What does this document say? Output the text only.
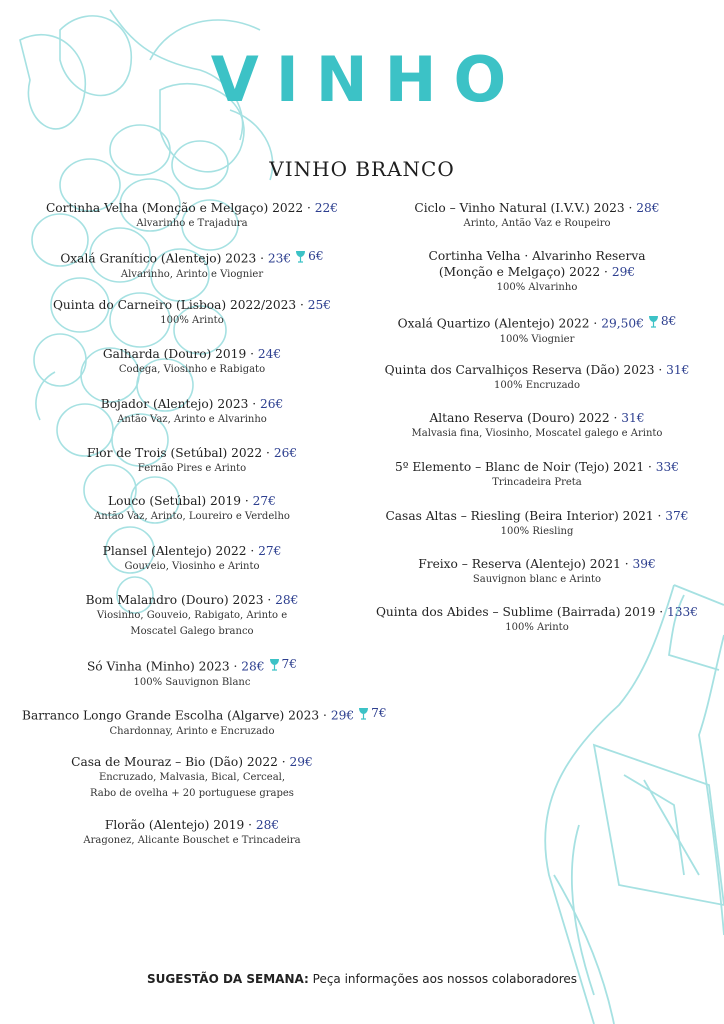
VINHO
VINHO BRANCO
Cortinha Velha (Monção e Melgaço) 2022 · 22€
Alvarinho e Trajadura
Oxalá Granítico (Alentejo) 2023 · 23€ 6€
Alvarinho, Arinto e Viognier
Quinta do Carneiro (Lisboa) 2022/2023 · 25€
100% Arinto
Galharda (Douro) 2019 · 24€
Codega, Viosinho e Rabigato
Bojador (Alentejo) 2023 · 26€
Antão Vaz, Arinto e Alvarinho
Flor de Trois (Setúbal) 2022 · 26€
Fernão Pires e Arinto
Louco (Setúbal) 2019 · 27€
Antão Vaz, Arinto, Loureiro e Verdelho
Plansel (Alentejo) 2022 · 27€
Gouveio, Viosinho e Arinto
Bom Malandro (Douro) 2023 · 28€
Viosinho, Gouveio, Rabigato, Arinto e
Moscatel Galego branco
Só Vinha (Minho) 2023 · 28€ 7€
100% Sauvignon Blanc
Barranco Longo Grande Escolha (Algarve) 2023 · 29€ 7€
Chardonnay, Arinto e Encruzado
Casa de Mouraz – Bio (Dão) 2022 · 29€
Encruzado, Malvasia, Bical, Cerceal,
Rabo de ovelha + 20 portuguese grapes
Florão (Alentejo) 2019 · 28€
Aragonez, Alicante Bouschet e Trincadeira
Ciclo – Vinho Natural (I.V.V.) 2023 · 28€
Arinto, Antão Vaz e Roupeiro
Cortinha Velha · Alvarinho Reserva
(Monção e Melgaço) 2022 · 29€
100% Alvarinho
Oxalá Quartizo (Alentejo) 2022 · 29,50€ 8€
100% Viognier
Quinta dos Carvalhiços Reserva (Dão) 2023 · 31€
100% Encruzado
Altano Reserva (Douro) 2022 · 31€
Malvasia fina, Viosinho, Moscatel galego e Arinto
5º Elemento – Blanc de Noir (Tejo) 2021 · 33€
Trincadeira Preta
Casas Altas – Riesling (Beira Interior) 2021 · 37€
100% Riesling
Freixo – Reserva (Alentejo) 2021 · 39€
Sauvignon blanc e Arinto
Quinta dos Abides – Sublime (Bairrada) 2019 · 133€
100% Arinto
SUGESTÃO DA SEMANA: Peça informações aos nossos colaboradores
